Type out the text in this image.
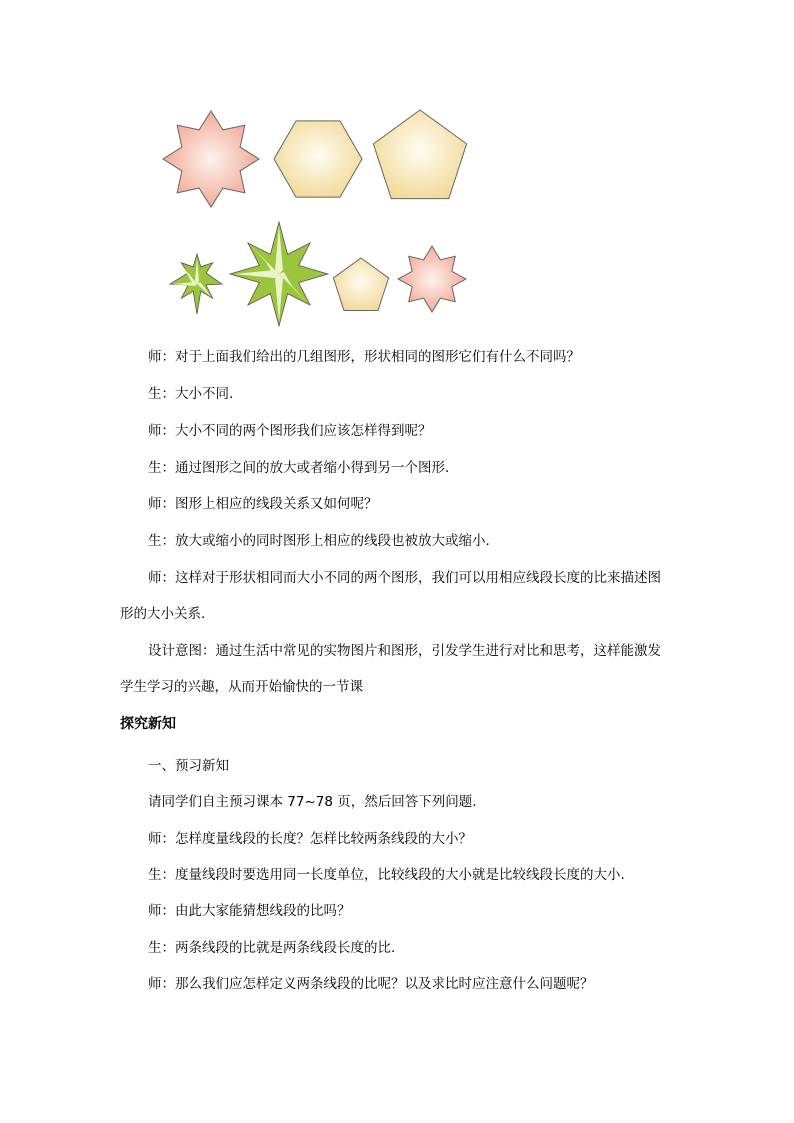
师：对于上面我们给出的几组图形，形状相同的图形它们有什么不同吗？
生：大小不同.
师：大小不同的两个图形我们应该怎样得到呢？
生：通过图形之间的放大或者缩小得到另一个图形.
师：图形上相应的线段关系又如何呢？
生：放大或缩小的同时图形上相应的线段也被放大或缩小.
师：这样对于形状相同而大小不同的两个图形，我们可以用相应线段长度的比来描述图
形的大小关系.
设计意图：通过生活中常见的实物图片和图形，引发学生进行对比和思考，这样能激发
学生学习的兴趣，从而开始愉快的一节课
探究新知
一、预习新知
请同学们自主预习课本 77~78 页，然后回答下列问题.
师：怎样度量线段的长度？怎样比较两条线段的大小？
生：度量线段时要选用同一长度单位，比较线段的大小就是比较线段长度的大小.
师：由此大家能猜想线段的比吗？
生：两条线段的比就是两条线段长度的比.
师：那么我们应怎样定义两条线段的比呢？以及求比时应注意什么问题呢？
